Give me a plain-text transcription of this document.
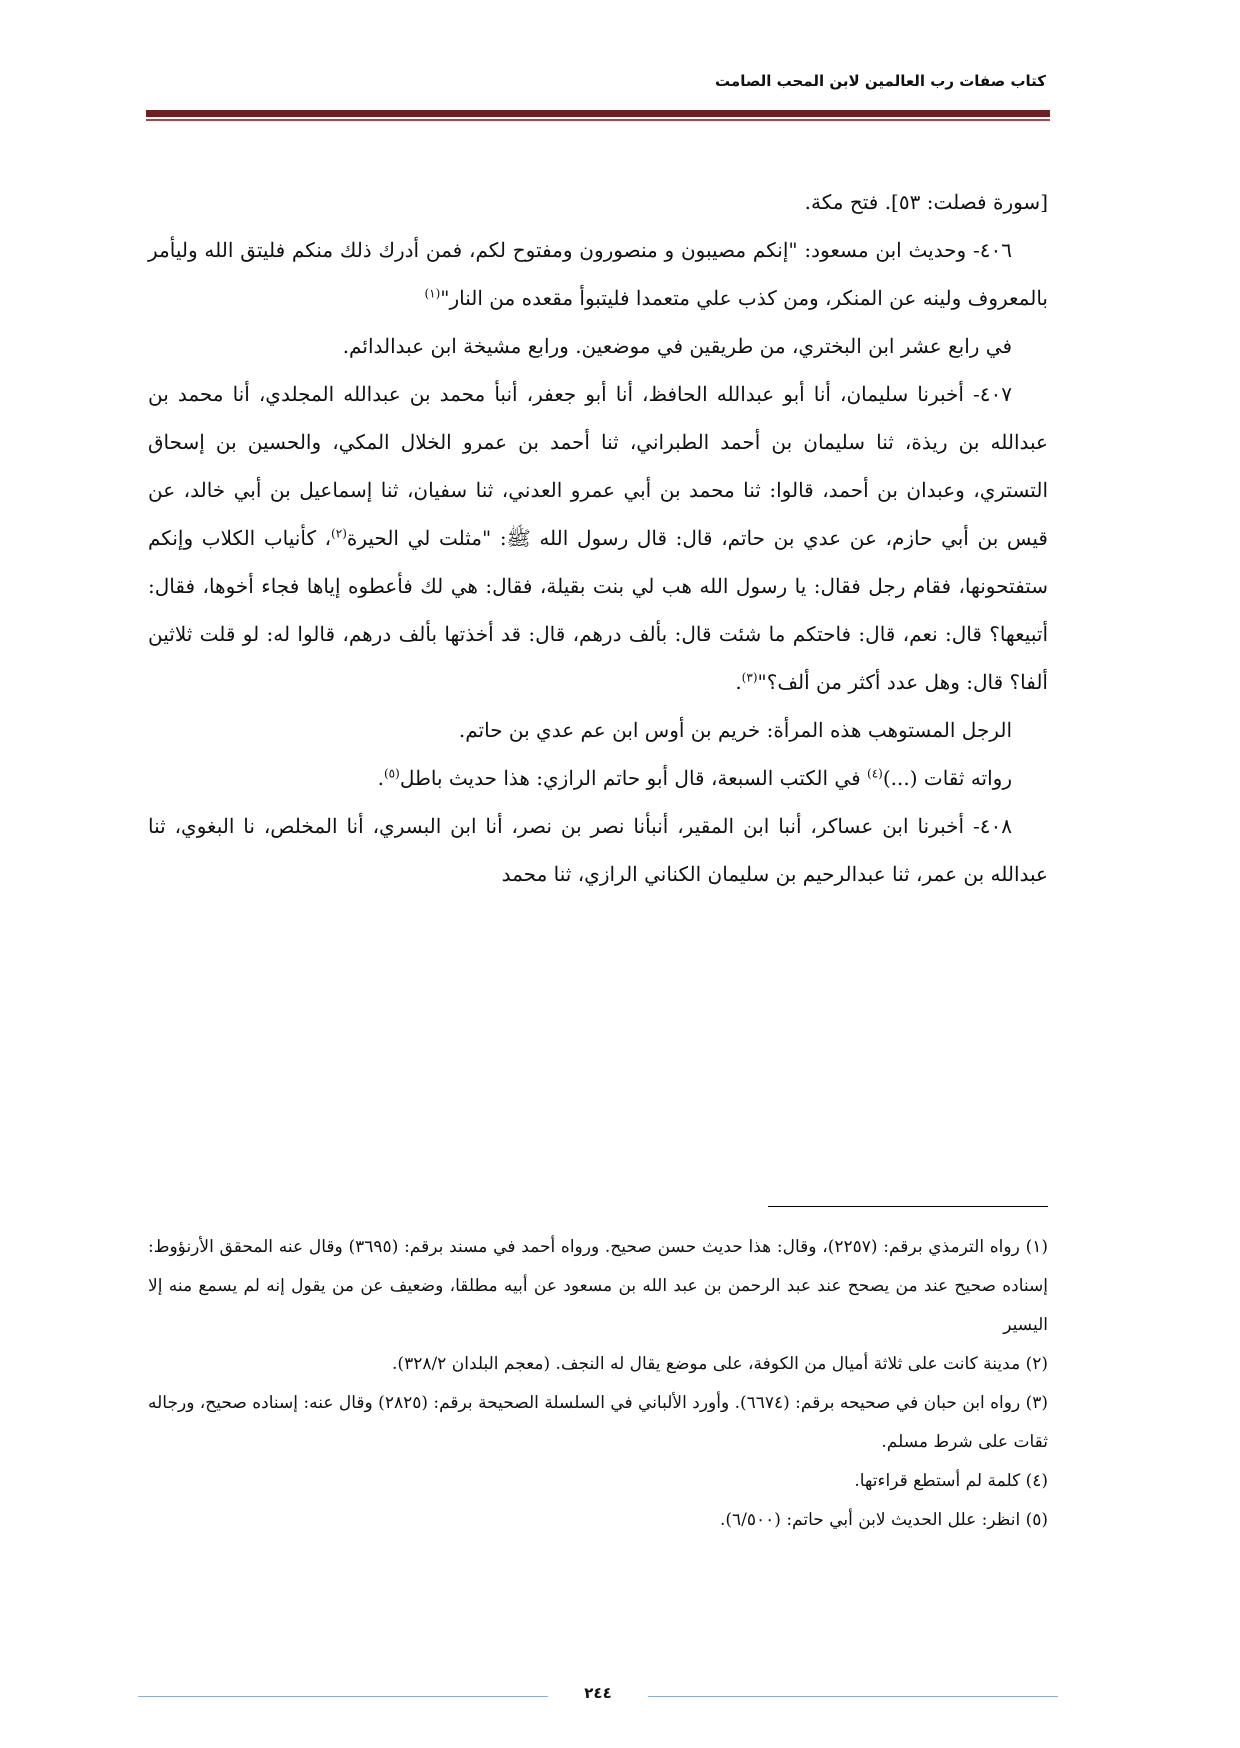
كتاب صفات رب العالمين لابن المحب الصامت

[سورة فصلت: ٥٣]. فتح مكة.

٤٠٦- وحديث ابن مسعود: "إنكم مصيبون و منصورون ومفتوح لكم، فمن أدرك ذلك منكم فليتق الله وليأمر بالمعروف ولينه عن المنكر، ومن كذب علي متعمدا فليتبوأ مقعده من النار"$^{(١)}$

في رابع عشر ابن البختري، من طريقين في موضعين. ورابع مشيخة ابن عبدالدائم.

٤٠٧- أخبرنا سليمان، أنا أبو عبدالله الحافظ، أنا أبو جعفر، أنبأ محمد بن عبدالله المجلدي، أنا محمد بن عبدالله بن ريذة، ثنا سليمان بن أحمد الطبراني، ثنا أحمد بن عمرو الخلال المكي، والحسين بن إسحاق التستري، وعبدان بن أحمد، قالوا: ثنا محمد بن أبي عمرو العدني، ثنا سفيان، ثنا إسماعيل بن أبي خالد، عن قيس بن أبي حازم، عن عدي بن حاتم، قال: قال رسول الله ﷺ: "مثلت لي الحيرة$^{(٢)}$، كأنياب الكلاب وإنكم ستفتحونها، فقام رجل فقال: يا رسول الله هب لي بنت بقيلة، فقال: هي لك فأعطوه إياها فجاء أخوها، فقال: أتبيعها؟ قال: نعم، قال: فاحتكم ما شئت قال: بألف درهم، قال: قد أخذتها بألف درهم، قالوا له: لو قلت ثلاثين ألفا؟ قال: وهل عدد أكثر من ألف؟"$^{(٣)}$.

الرجل المستوهب هذه المرأة: خريم بن أوس ابن عم عدي بن حاتم.

رواته ثقات (...)$^{(٤)}$ في الكتب السبعة، قال أبو حاتم الرازي: هذا حديث باطل$^{(٥)}$.

٤٠٨- أخبرنا ابن عساكر، أنبا ابن المقير، أنبأنا نصر بن نصر، أنا ابن البسري، أنا المخلص، نا البغوي، ثنا عبدالله بن عمر، ثنا عبدالرحيم بن سليمان الكناني الرازي، ثنا محمد

(١) رواه الترمذي برقم: (٢٢٥٧)، وقال: هذا حديث حسن صحيح. ورواه أحمد في مسند برقم: (٣٦٩٥) وقال عنه المحقق الأرنؤوط: إسناده صحيح عند من يصحح عند عبد الرحمن بن عبد الله بن مسعود عن أبيه مطلقا، وضعيف عن من يقول إنه لم يسمع منه إلا اليسير

(٢) مدينة كانت على ثلاثة أميال من الكوفة، على موضع يقال له النجف. (معجم البلدان ٣٢٨/٢).

(٣) رواه ابن حبان في صحيحه برقم: (٦٦٧٤). وأورد الألباني في السلسلة الصحيحة برقم: (٢٨٢٥) وقال عنه: إسناده صحيح، ورجاله ثقات على شرط مسلم.

(٤) كلمة لم أستطع قراءتها.

(٥) انظر: علل الحديث لابن أبي حاتم: (٦/٥٠٠).

٢٤٤
